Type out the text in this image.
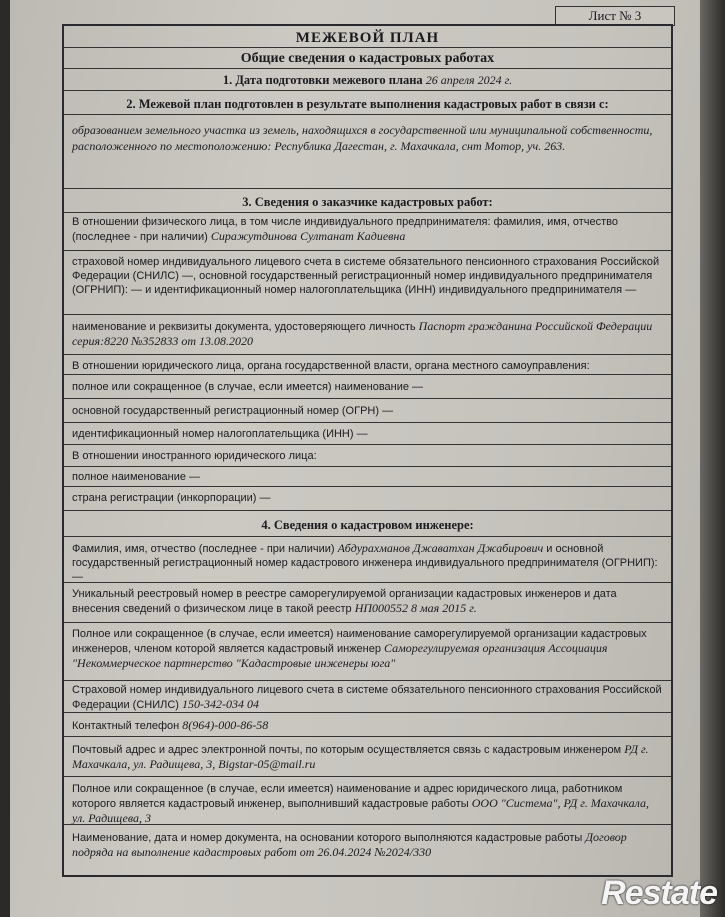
Лист № 3
МЕЖЕВОЙ ПЛАН
Общие сведения о кадастровых работах
1. Дата подготовки межевого плана 26 апреля 2024 г.
2. Межевой план подготовлен в результате выполнения кадастровых работ в связи с:
образованием земельного участка из земель, находящихся в государственной или муниципальной собственности, расположенного по местоположению: Республика Дагестан, г. Махачкала, снт Мотор, уч. 263.
3. Сведения о заказчике кадастровых работ:
В отношении физического лица, в том числе индивидуального предпринимателя: фамилия, имя, отчество (последнее - при наличии) Сиражутдинова Султанат Кадиевна
страховой номер индивидуального лицевого счета в системе обязательного пенсионного страхования Российской Федерации (СНИЛС) —, основной государственный регистрационный номер индивидуального предпринимателя (ОГРНИП): — и идентификационный номер налогоплательщика (ИНН) индивидуального предпринимателя —
наименование и реквизиты документа, удостоверяющего личность Паспорт гражданина Российской Федерации серия:8220 №352833 от 13.08.2020
В отношении юридического лица, органа государственной власти, органа местного самоуправления:
полное или сокращенное (в случае, если имеется) наименование —
основной государственный регистрационный номер (ОГРН) —
идентификационный номер налогоплательщика (ИНН) —
В отношении иностранного юридического лица:
полное наименование —
страна регистрации (инкорпорации) —
4. Сведения о кадастровом инженере:
Фамилия, имя, отчество (последнее - при наличии) Абдурахманов Джаватхан Джабирович и основной государственный регистрационный номер кадастрового инженера индивидуального предпринимателя (ОГРНИП): —
Уникальный реестровый номер в реестре саморегулируемой организации кадастровых инженеров и дата внесения сведений о физическом лице в такой реестр НП000552 8 мая 2015 г.
Полное или сокращенное (в случае, если имеется) наименование саморегулируемой организации кадастровых инженеров, членом которой является кадастровый инженер Саморегулируемая организация Ассоциация "Некоммерческое партнерство "Кадастровые инженеры юга"
Страховой номер индивидуального лицевого счета в системе обязательного пенсионного страхования Российской Федерации (СНИЛС) 150-342-034 04
Контактный телефон 8(964)-000-86-58
Почтовый адрес и адрес электронной почты, по которым осуществляется связь с кадастровым инженером РД г. Махачкала, ул. Радищева, 3, Bigstar-05@mail.ru
Полное или сокращенное (в случае, если имеется) наименование и адрес юридического лица, работником которого является кадастровый инженер, выполнивший кадастровые работы ООО "Система", РД г. Махачкала, ул. Радищева, 3
Наименование, дата и номер документа, на основании которого выполняются кадастровые работы Договор подряда на выполнение кадастровых работ от 26.04.2024 №2024/330
Restate
